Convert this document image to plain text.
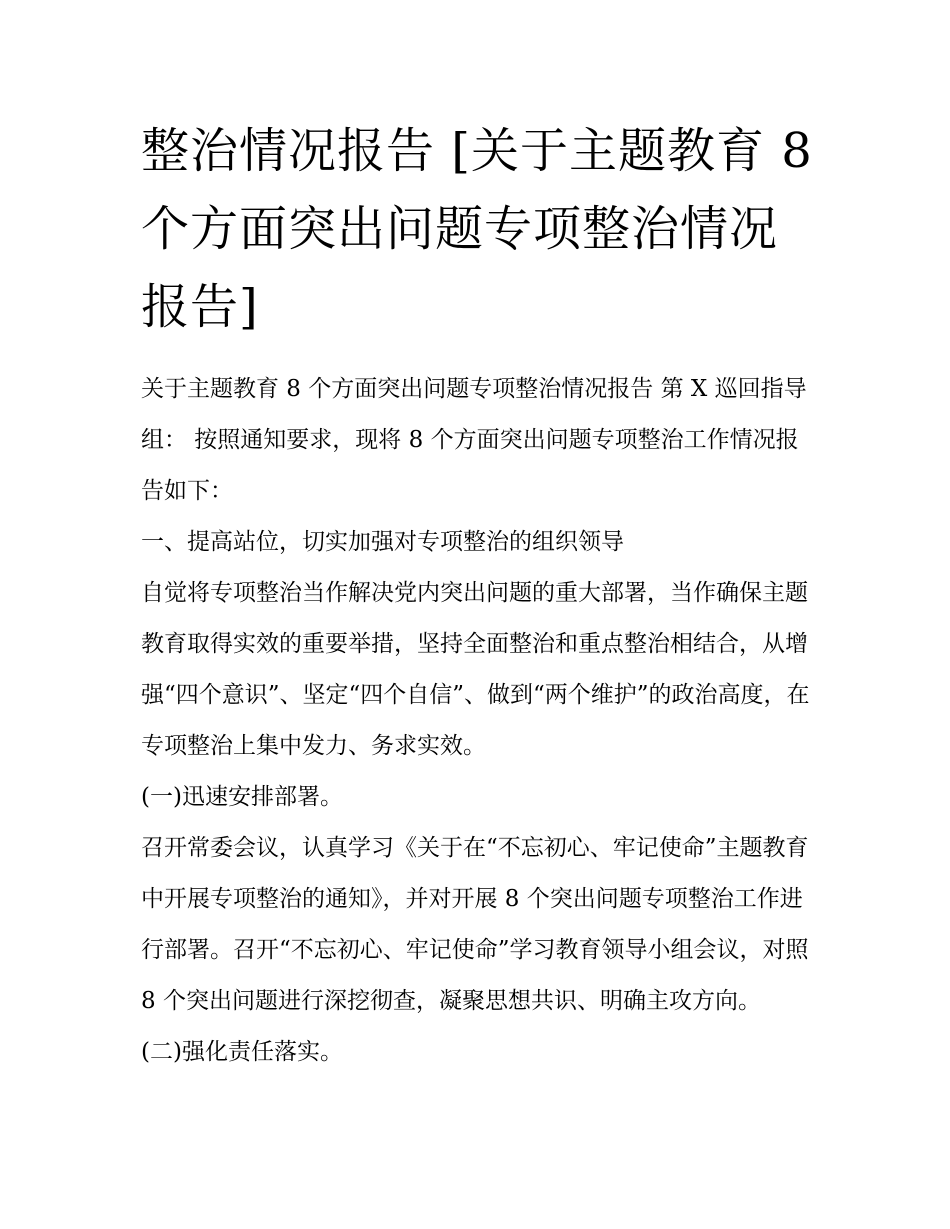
整治情况报告 [关于主题教育 8 个方面突出问题专项整治情况报告]

关于主题教育 8 个方面突出问题专项整治情况报告 第 X 巡回指导组： 按照通知要求，现将 8 个方面突出问题专项整治工作情况报告如下：

一、提高站位，切实加强对专项整治的组织领导

自觉将专项整治当作解决党内突出问题的重大部署，当作确保主题教育取得实效的重要举措，坚持全面整治和重点整治相结合，从增强“四个意识”、坚定“四个自信”、做到“两个维护”的政治高度，在专项整治上集中发力、务求实效。

(一)迅速安排部署。

召开常委会议，认真学习《关于在“不忘初心、牢记使命”主题教育中开展专项整治的通知》，并对开展 8 个突出问题专项整治工作进行部署。召开“不忘初心、牢记使命”学习教育领导小组会议，对照 8 个突出问题进行深挖彻查，凝聚思想共识、明确主攻方向。

(二)强化责任落实。
